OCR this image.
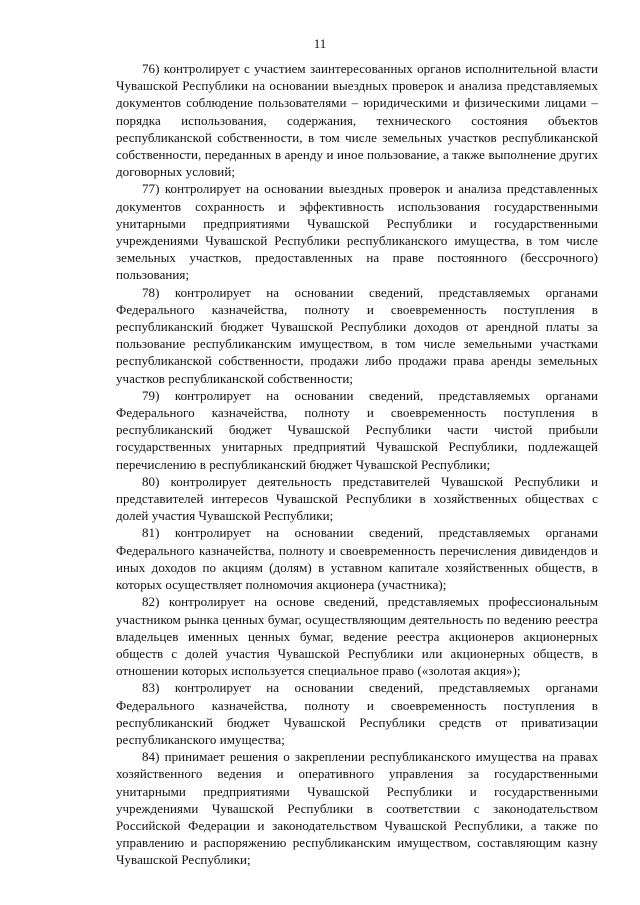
11

76) контролирует с участием заинтересованных органов исполнительной власти Чувашской Республики на основании выездных проверок и анализа представляемых документов соблюдение пользователями – юридическими и физическими лицами – порядка использования, содержания, технического состояния объектов республиканской собственности, в том числе земельных участков республиканской собственности, переданных в аренду и иное пользование, а также выполнение других договорных условий;

77) контролирует на основании выездных проверок и анализа представленных документов сохранность и эффективность использования государственными унитарными предприятиями Чувашской Республики и государственными учреждениями Чувашской Республики республиканского имущества, в том числе земельных участков, предоставленных на праве постоянного (бессрочного) пользования;

78) контролирует на основании сведений, представляемых органами Федерального казначейства, полноту и своевременность поступления в республиканский бюджет Чувашской Республики доходов от арендной платы за пользование республиканским имуществом, в том числе земельными участками республиканской собственности, продажи либо продажи права аренды земельных участков республиканской собственности;

79) контролирует на основании сведений, представляемых органами Федерального казначейства, полноту и своевременность поступления в республиканский бюджет Чувашской Республики части чистой прибыли государственных унитарных предприятий Чувашской Республики, подлежащей перечислению в республиканский бюджет Чувашской Республики;

80) контролирует деятельность представителей Чувашской Республики и представителей интересов Чувашской Республики в хозяйственных обществах с долей участия Чувашской Республики;

81) контролирует на основании сведений, представляемых органами Федерального казначейства, полноту и своевременность перечисления дивидендов и иных доходов по акциям (долям) в уставном капитале хозяйственных обществ, в которых осуществляет полномочия акционера (участника);

82) контролирует на основе сведений, представляемых профессиональным участником рынка ценных бумаг, осуществляющим деятельность по ведению реестра владельцев именных ценных бумаг, ведение реестра акционеров акционерных обществ с долей участия Чувашской Республики или акционерных обществ, в отношении которых используется специальное право («золотая акция»);

83) контролирует на основании сведений, представляемых органами Федерального казначейства, полноту и своевременность поступления в республиканский бюджет Чувашской Республики средств от приватизации республиканского имущества;

84) принимает решения о закреплении республиканского имущества на правах хозяйственного ведения и оперативного управления за государственными унитарными предприятиями Чувашской Республики и государственными учреждениями Чувашской Республики в соответствии с законодательством Российской Федерации и законодательством Чувашской Республики, а также по управлению и распоряжению республиканским имуществом, составляющим казну Чувашской Республики;
